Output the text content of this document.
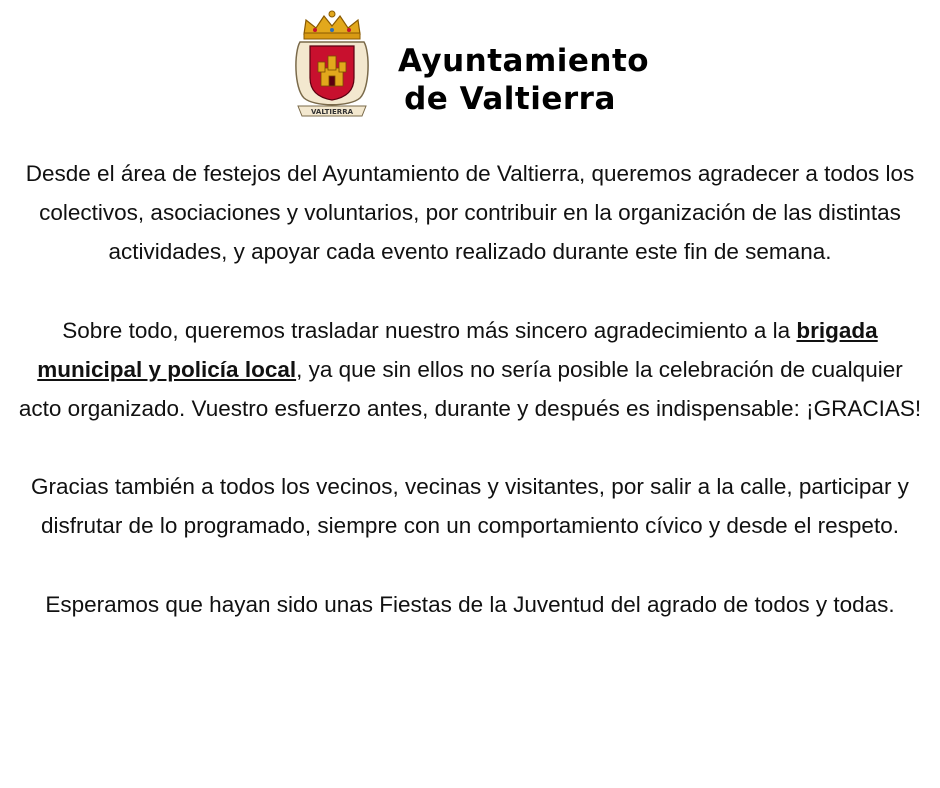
VALTIERRA
Ayuntamiento
de Valtierra

Desde el área de festejos del Ayuntamiento de Valtierra, queremos agradecer a todos los colectivos, asociaciones y voluntarios, por contribuir en la organización de las distintas actividades, y apoyar cada evento realizado durante este fin de semana.

Sobre todo, queremos trasladar nuestro más sincero agradecimiento a la brigada municipal y policía local, ya que sin ellos no sería posible la celebración de cualquier acto organizado. Vuestro esfuerzo antes, durante y después es indispensable: ¡GRACIAS!

Gracias también a todos los vecinos, vecinas y visitantes, por salir a la calle, participar y disfrutar de lo programado, siempre con un comportamiento cívico y desde el respeto.

Esperamos que hayan sido unas Fiestas de la Juventud del agrado de todos y todas.
